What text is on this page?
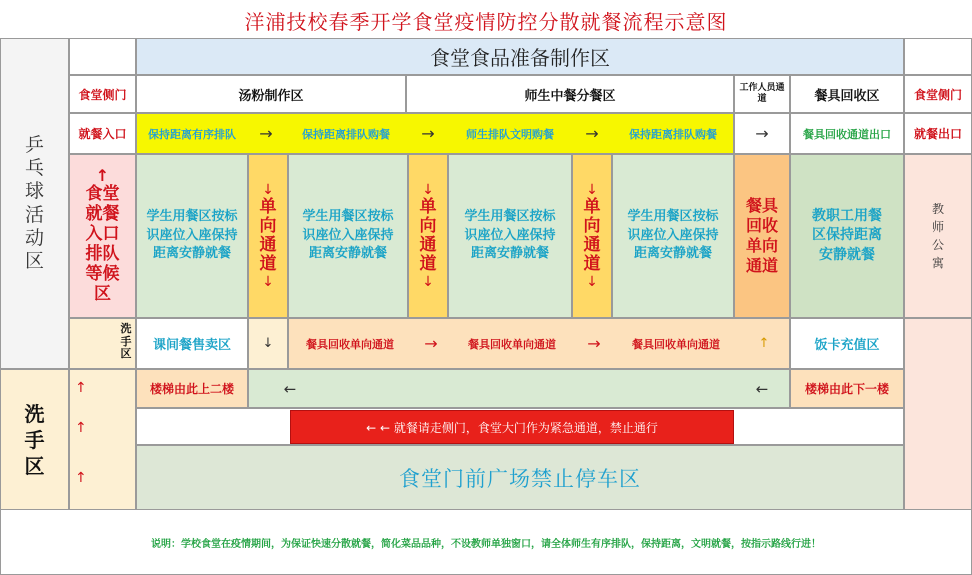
洋浦技校春季开学食堂疫情防控分散就餐流程示意图
乒乓球活动区
洗手区
食堂侧门
就餐入口
↑
食堂就餐入口排队等候区
洗手区
↑
↑
↑
食堂食品准备制作区
汤粉制作区	师生中餐分餐区
工作人员通道	餐具回收区
保持距离有序排队	→	保持距离排队购餐	→	师生排队文明购餐	→	保持距离排队购餐	→	餐具回收通道出口
食堂侧门
就餐出口
教师公寓
学生用餐区按标识座位入座保持距离安静就餐
↓
单向通道
↓
学生用餐区按标识座位入座保持距离安静就餐
↓
单向通道
↓
学生用餐区按标识座位入座保持距离安静就餐
↓
单向通道
↓
学生用餐区按标识座位入座保持距离安静就餐
餐具回收单向通道
教职工用餐区保持距离安静就餐
课间餐售卖区	↓	餐具回收单向通道	→	餐具回收单向通道	→	餐具回收单向通道	↑	饭卡充值区
楼梯由此上二楼	←	←	楼梯由此下一楼
← ← 就餐请走侧门，食堂大门作为紧急通道，禁止通行
食堂门前广场禁止停车区
说明：学校食堂在疫情期间，为保证快速分散就餐，简化菜品品种，不设教师单独窗口，请全体师生有序排队，保持距离，文明就餐，按指示路线行进！
